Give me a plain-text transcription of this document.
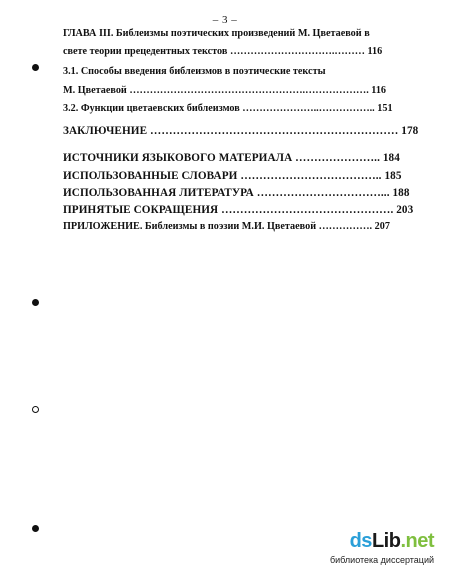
– 3 –
ГЛАВА III. Библеизмы поэтических произведений М. Цветаевой в
свете теории прецедентных текстов ………………………….……… 116
3.1. Способы введения библеизмов в поэтические тексты
М. Цветаевой …………………………………………….………………. 116
3.2. Функции цветаевских библеизмов …………………..…………….. 151
ЗАКЛЮЧЕНИЕ ………………………………………………………… 178
ИСТОЧНИКИ ЯЗЫКОВОГО МАТЕРИАЛА ………………….. 184
ИСПОЛЬЗОВАННЫЕ СЛОВАРИ ……………………………….. 185
ИСПОЛЬЗОВАННАЯ ЛИТЕРАТУРА ……………………………... 188
ПРИНЯТЫЕ СОКРАЩЕНИЯ ………………………………………. 203
ПРИЛОЖЕНИЕ. Библеизмы в поэзии М.И. Цветаевой ……………. 207
dsLib.net
библиотека диссертаций
